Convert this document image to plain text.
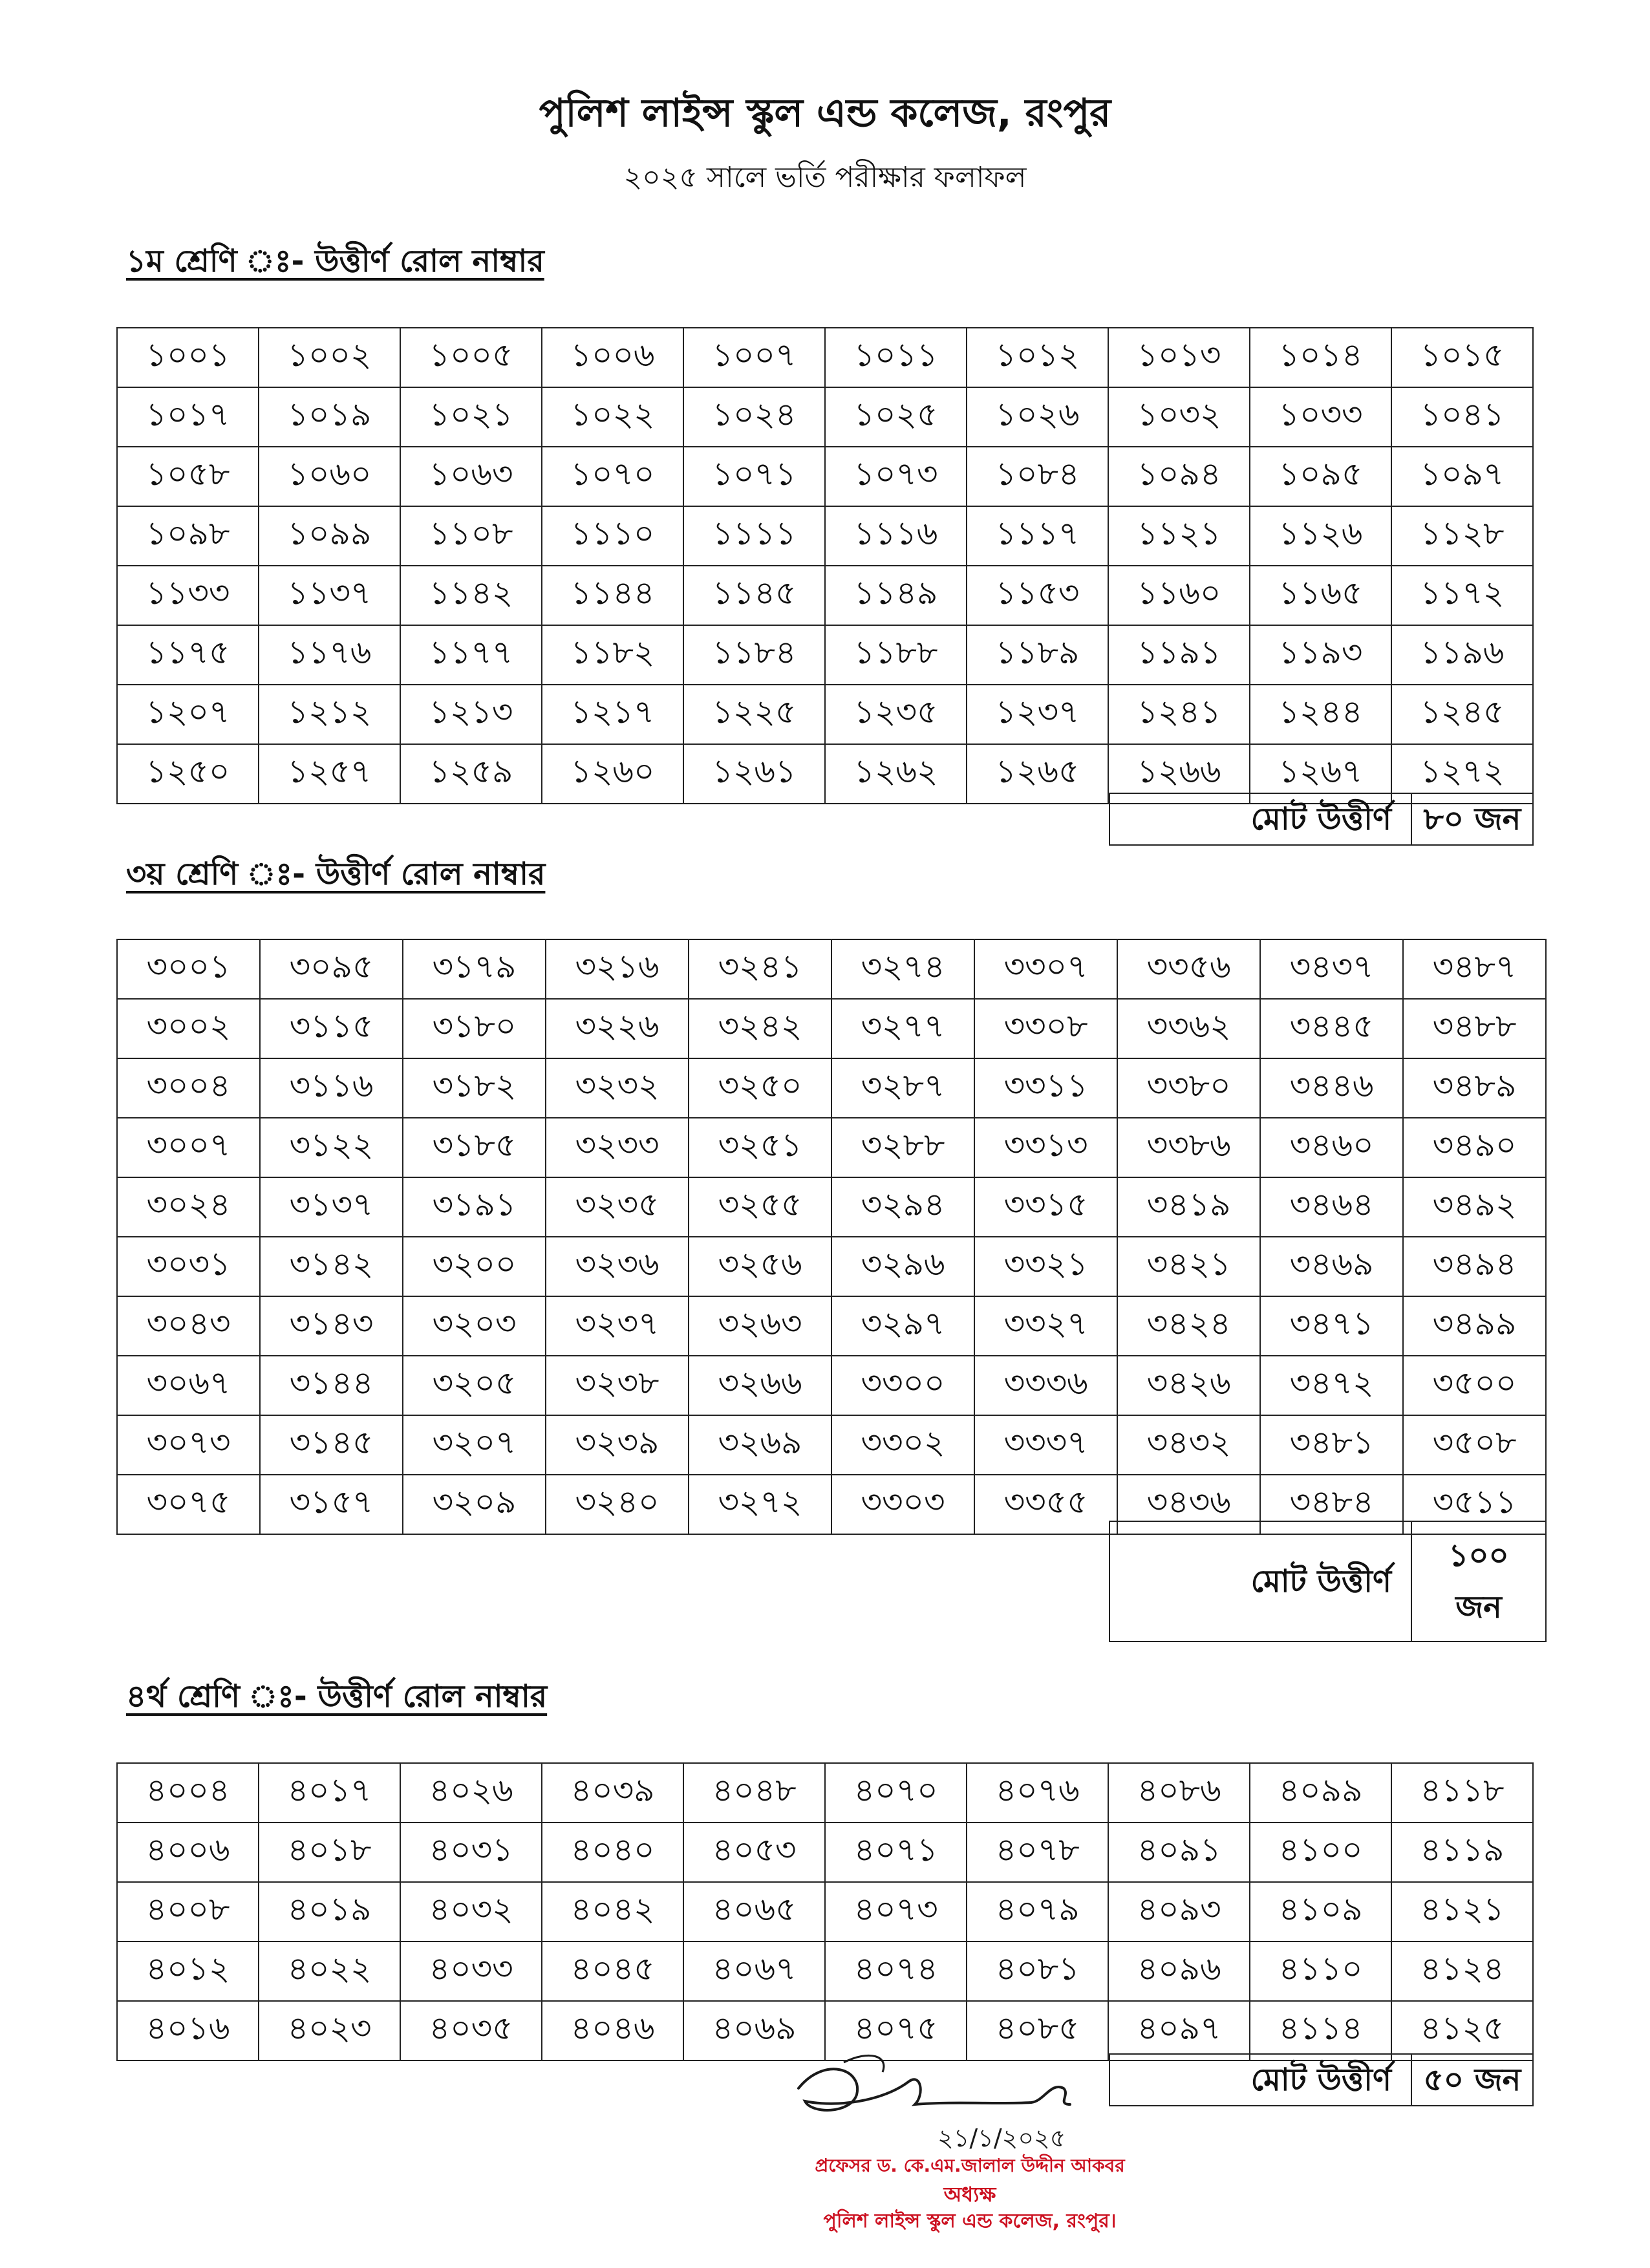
পুলিশ লাইন্স স্কুল এন্ড কলেজ, রংপুর
২০২৫ সালে ভর্তি পরীক্ষার ফলাফল
১ম শ্রেণি ঃ- উত্তীর্ণ রোল নাম্বার
১০০১	১০০২	১০০৫	১০০৬	১০০৭	১০১১	১০১২	১০১৩	১০১৪	১০১৫
১০১৭	১০১৯	১০২১	১০২২	১০২৪	১০২৫	১০২৬	১০৩২	১০৩৩	১০৪১
১০৫৮	১০৬০	১০৬৩	১০৭০	১০৭১	১০৭৩	১০৮৪	১০৯৪	১০৯৫	১০৯৭
১০৯৮	১০৯৯	১১০৮	১১১০	১১১১	১১১৬	১১১৭	১১২১	১১২৬	১১২৮
১১৩৩	১১৩৭	১১৪২	১১৪৪	১১৪৫	১১৪৯	১১৫৩	১১৬০	১১৬৫	১১৭২
১১৭৫	১১৭৬	১১৭৭	১১৮২	১১৮৪	১১৮৮	১১৮৯	১১৯১	১১৯৩	১১৯৬
১২০৭	১২১২	১২১৩	১২১৭	১২২৫	১২৩৫	১২৩৭	১২৪১	১২৪৪	১২৪৫
১২৫০	১২৫৭	১২৫৯	১২৬০	১২৬১	১২৬২	১২৬৫	১২৬৬	১২৬৭	১২৭২
মোট উত্তীর্ণ	৮০ জন
৩য় শ্রেণি ঃ- উত্তীর্ণ রোল নাম্বার
৩০০১	৩০৯৫	৩১৭৯	৩২১৬	৩২৪১	৩২৭৪	৩৩০৭	৩৩৫৬	৩৪৩৭	৩৪৮৭
৩০০২	৩১১৫	৩১৮০	৩২২৬	৩২৪২	৩২৭৭	৩৩০৮	৩৩৬২	৩৪৪৫	৩৪৮৮
৩০০৪	৩১১৬	৩১৮২	৩২৩২	৩২৫০	৩২৮৭	৩৩১১	৩৩৮০	৩৪৪৬	৩৪৮৯
৩০০৭	৩১২২	৩১৮৫	৩২৩৩	৩২৫১	৩২৮৮	৩৩১৩	৩৩৮৬	৩৪৬০	৩৪৯০
৩০২৪	৩১৩৭	৩১৯১	৩২৩৫	৩২৫৫	৩২৯৪	৩৩১৫	৩৪১৯	৩৪৬৪	৩৪৯২
৩০৩১	৩১৪২	৩২০০	৩২৩৬	৩২৫৬	৩২৯৬	৩৩২১	৩৪২১	৩৪৬৯	৩৪৯৪
৩০৪৩	৩১৪৩	৩২০৩	৩২৩৭	৩২৬৩	৩২৯৭	৩৩২৭	৩৪২৪	৩৪৭১	৩৪৯৯
৩০৬৭	৩১৪৪	৩২০৫	৩২৩৮	৩২৬৬	৩৩০০	৩৩৩৬	৩৪২৬	৩৪৭২	৩৫০০
৩০৭৩	৩১৪৫	৩২০৭	৩২৩৯	৩২৬৯	৩৩০২	৩৩৩৭	৩৪৩২	৩৪৮১	৩৫০৮
৩০৭৫	৩১৫৭	৩২০৯	৩২৪০	৩২৭২	৩৩০৩	৩৩৫৫	৩৪৩৬	৩৪৮৪	৩৫১১
মোট উত্তীর্ণ	১০০ জন
৪র্থ শ্রেণি ঃ- উত্তীর্ণ রোল নাম্বার
৪০০৪	৪০১৭	৪০২৬	৪০৩৯	৪০৪৮	৪০৭০	৪০৭৬	৪০৮৬	৪০৯৯	৪১১৮
৪০০৬	৪০১৮	৪০৩১	৪০৪০	৪০৫৩	৪০৭১	৪০৭৮	৪০৯১	৪১০০	৪১১৯
৪০০৮	৪০১৯	৪০৩২	৪০৪২	৪০৬৫	৪০৭৩	৪০৭৯	৪০৯৩	৪১০৯	৪১২১
৪০১২	৪০২২	৪০৩৩	৪০৪৫	৪০৬৭	৪০৭৪	৪০৮১	৪০৯৬	৪১১০	৪১২৪
৪০১৬	৪০২৩	৪০৩৫	৪০৪৬	৪০৬৯	৪০৭৫	৪০৮৫	৪০৯৭	৪১১৪	৪১২৫
মোট উত্তীর্ণ	৫০ জন
২১/১/২০২৫
প্রফেসর ড. কে.এম.জালাল উদ্দীন আকবর
অধ্যক্ষ
পুলিশ লাইন্স স্কুল এন্ড কলেজ, রংপুর।
